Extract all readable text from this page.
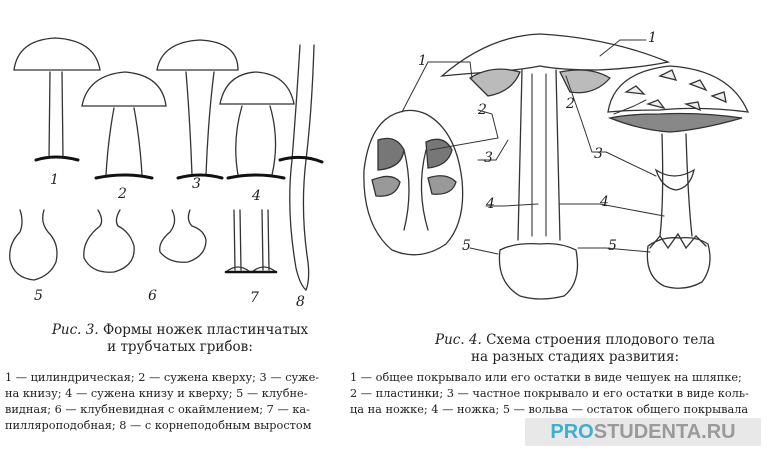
1
2
3
4
5	6	7	8
1
2
3
4
5
1
2
3
4
5
Рис. 3. Формы ножек пластинчатых
и трубчатых грибов:
1 — цилиндрическая; 2 — сужена кверху; 3 — сужe-
на книзу; 4 — сужена книзу и кверху; 5 — клубне-
видная; 6 — клубневидная с окаймлением; 7 — ка-
пилляроподобная; 8 — с корнеподобным выростом
Рис. 4. Схема строения плодового тела
на разных стадиях развития:
1 — общее покрывало или его остатки в виде чешуек на шляпке;
2 — пластинки; 3 — частное покрывало и его остатки в виде коль-
ца на ножке; 4 — ножка; 5 — вольва — остаток общего покрывала
PROSTUDENTA.RU
